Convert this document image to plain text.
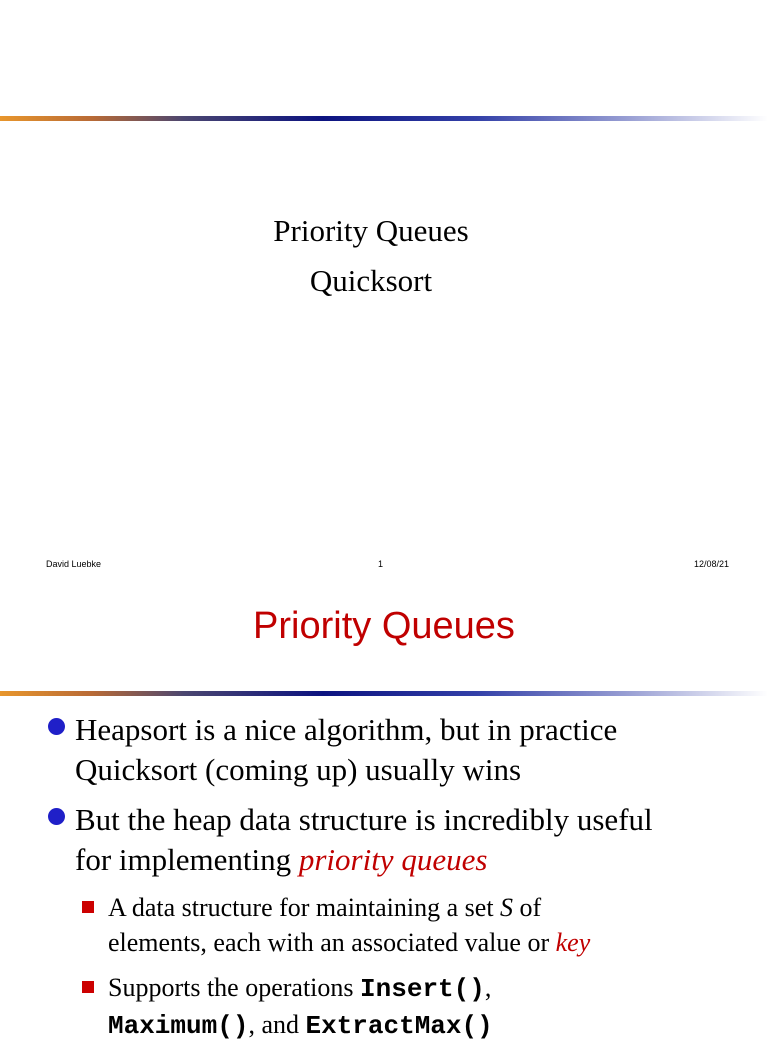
Priority Queues
Quicksort
David Luebke	1	12/08/21
Priority Queues
Heapsort is a nice algorithm, but in practice
Quicksort (coming up) usually wins
But the heap data structure is incredibly useful
for implementing priority queues
A data structure for maintaining a set S of
elements, each with an associated value or key
Supports the operations Insert(),
Maximum(), and ExtractMax()
